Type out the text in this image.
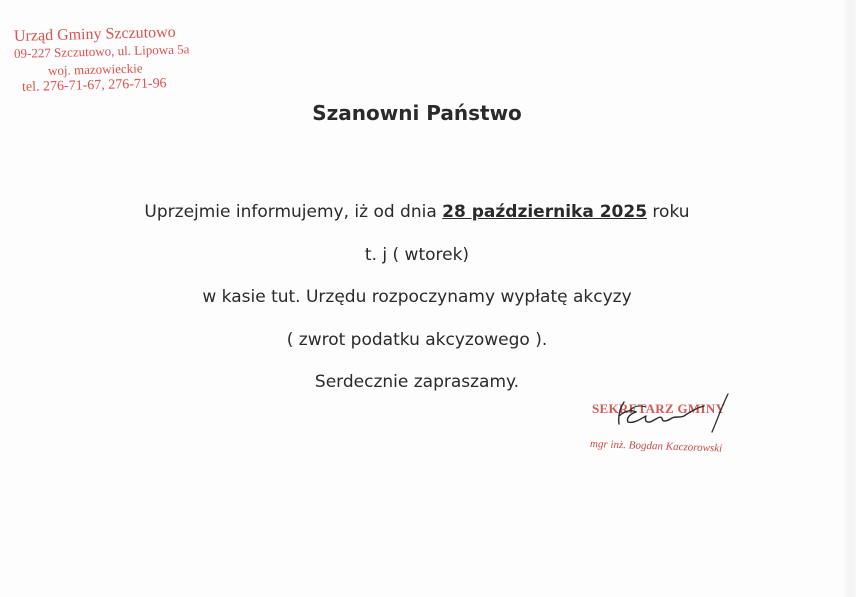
Urząd Gminy Szczutowo
09-227 Szczutowo, ul. Lipowa 5a
woj. mazowieckie
tel. 276-71-67, 276-71-96
Szanowni Państwo
Uprzejmie informujemy, iż od dnia 28 października 2025 roku
t. j ( wtorek)
w kasie tut. Urzędu rozpoczynamy wypłatę akcyzy
( zwrot podatku akcyzowego ).
Serdecznie zapraszamy.
SEKRETARZ GMINY
mgr inż. Bogdan Kaczorowski
